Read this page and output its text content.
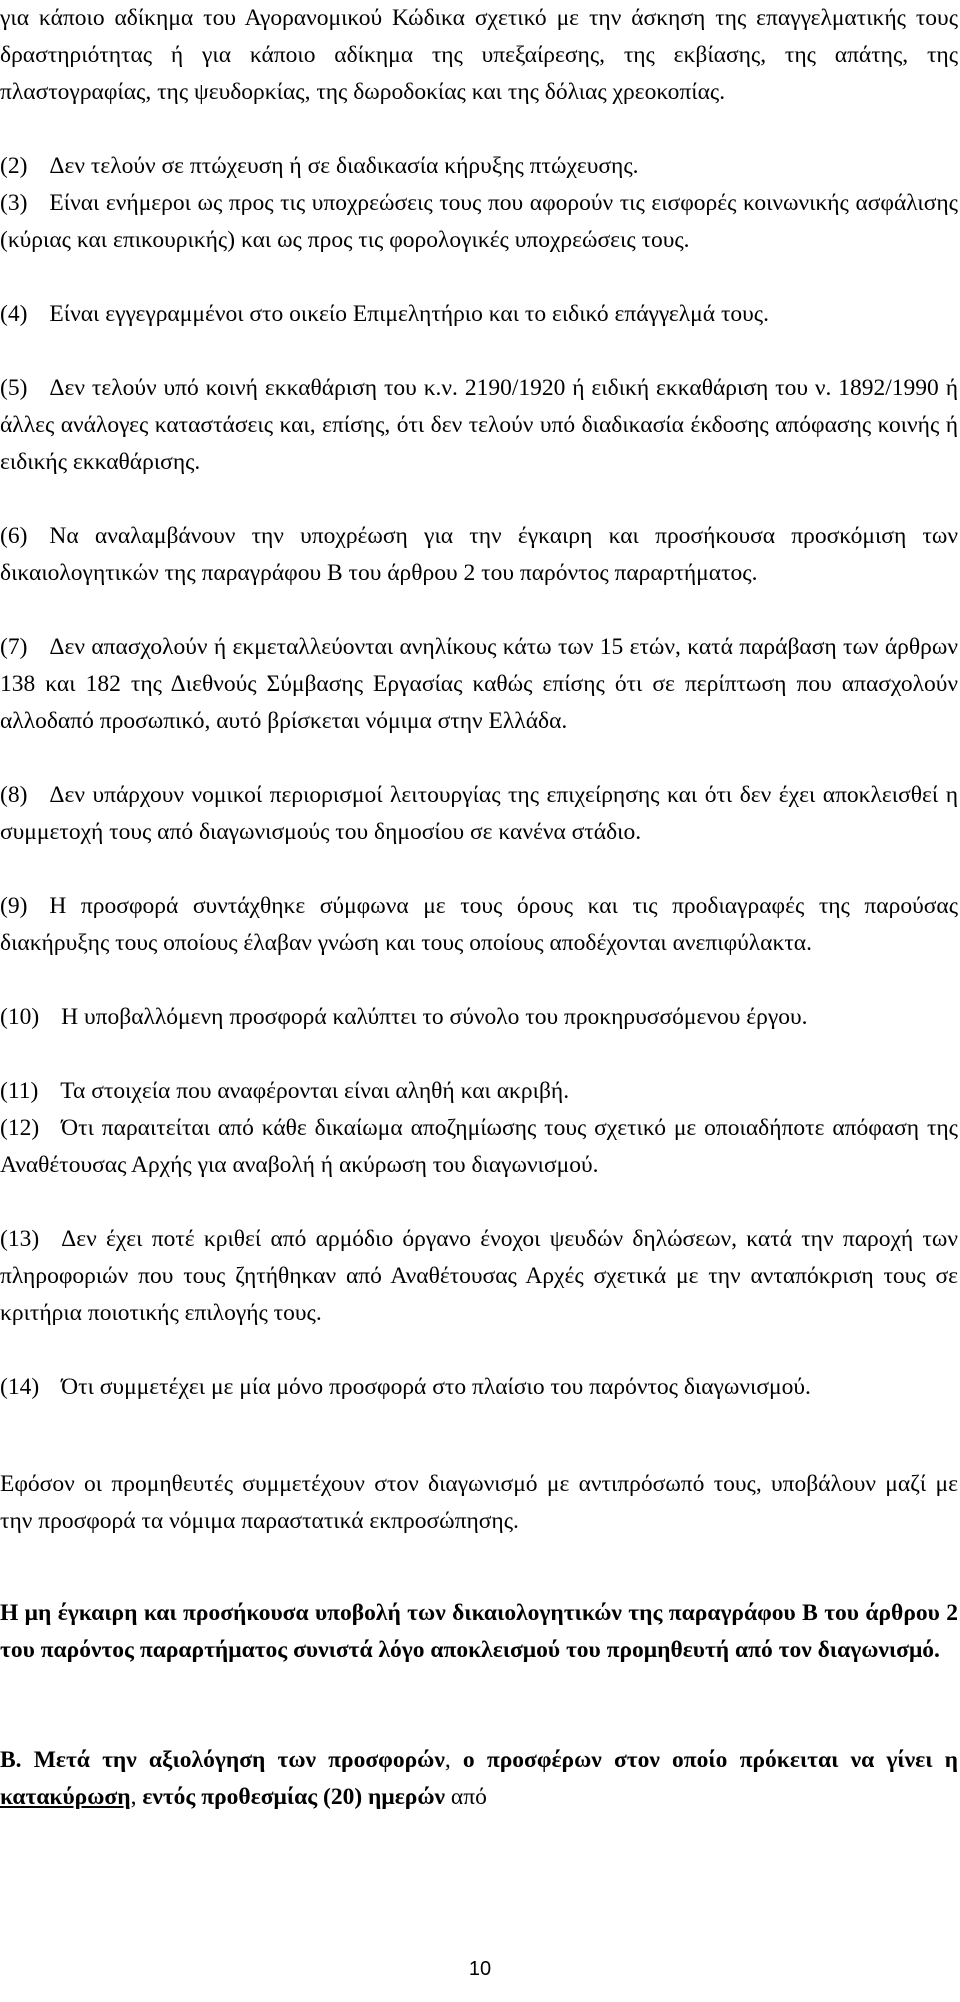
για κάποιο αδίκημα του Αγορανομικού Κώδικα σχετικό με την άσκηση της επαγγελματικής τους δραστηριότητας ή για κάποιο αδίκημα της υπεξαίρεσης, της εκβίασης, της απάτης, της πλαστογραφίας, της ψευδορκίας, της δωροδοκίας και της δόλιας χρεοκοπίας.

(2) Δεν τελούν σε πτώχευση ή σε διαδικασία κήρυξης πτώχευσης.

(3) Είναι ενήμεροι ως προς τις υποχρεώσεις τους που αφορούν τις εισφορές κοινωνικής ασφάλισης (κύριας και επικουρικής) και ως προς τις φορολογικές υποχρεώσεις τους.

(4) Είναι εγγεγραμμένοι στο οικείο Επιμελητήριο και το ειδικό επάγγελμά τους.

(5) Δεν τελούν υπό κοινή εκκαθάριση του κ.ν. 2190/1920 ή ειδική εκκαθάριση του ν. 1892/1990 ή άλλες ανάλογες καταστάσεις και, επίσης, ότι δεν τελούν υπό διαδικασία έκδοσης απόφασης κοινής ή ειδικής εκκαθάρισης.

(6) Να αναλαμβάνουν την υποχρέωση για την έγκαιρη και προσήκουσα προσκόμιση των δικαιολογητικών της παραγράφου Β του άρθρου 2 του παρόντος παραρτήματος.

(7) Δεν απασχολούν ή εκμεταλλεύονται ανηλίκους κάτω των 15 ετών, κατά παράβαση των άρθρων 138 και 182 της Διεθνούς Σύμβασης Εργασίας καθώς επίσης ότι σε περίπτωση που απασχολούν αλλοδαπό προσωπικό, αυτό βρίσκεται νόμιμα στην Ελλάδα.

(8) Δεν υπάρχουν νομικοί περιορισμοί λειτουργίας της επιχείρησης και ότι δεν έχει αποκλεισθεί η συμμετοχή τους από διαγωνισμούς του δημοσίου σε κανένα στάδιο.

(9) Η προσφορά συντάχθηκε σύμφωνα με τους όρους και τις προδιαγραφές της παρούσας διακήρυξης τους οποίους έλαβαν γνώση και τους οποίους αποδέχονται ανεπιφύλακτα.

(10) Η υποβαλλόμενη προσφορά καλύπτει το σύνολο του προκηρυσσόμενου έργου.

(11) Τα στοιχεία που αναφέρονται είναι αληθή και ακριβή.

(12) Ότι παραιτείται από κάθε δικαίωμα αποζημίωσης τους σχετικό με οποιαδήποτε απόφαση της Αναθέτουσας Αρχής για αναβολή ή ακύρωση του διαγωνισμού.

(13) Δεν έχει ποτέ κριθεί από αρμόδιο όργανο ένοχοι ψευδών δηλώσεων, κατά την παροχή των πληροφοριών που τους ζητήθηκαν από Αναθέτουσας Αρχές σχετικά με την ανταπόκριση τους σε κριτήρια ποιοτικής επιλογής τους.

(14) Ότι συμμετέχει με μία μόνο προσφορά στο πλαίσιο του παρόντος διαγωνισμού.

Εφόσον οι προμηθευτές συμμετέχουν στον διαγωνισμό με αντιπρόσωπό τους, υποβάλουν μαζί με την προσφορά τα νόμιμα παραστατικά εκπροσώπησης.

Η μη έγκαιρη και προσήκουσα υποβολή των δικαιολογητικών της παραγράφου Β του άρθρου 2 του παρόντος παραρτήματος συνιστά λόγο αποκλεισμού του προμηθευτή από τον διαγωνισμό.

Β. Μετά την αξιολόγηση των προσφορών, ο προσφέρων στον οποίο πρόκειται να γίνει η κατακύρωση, εντός προθεσμίας (20) ημερών από

10
